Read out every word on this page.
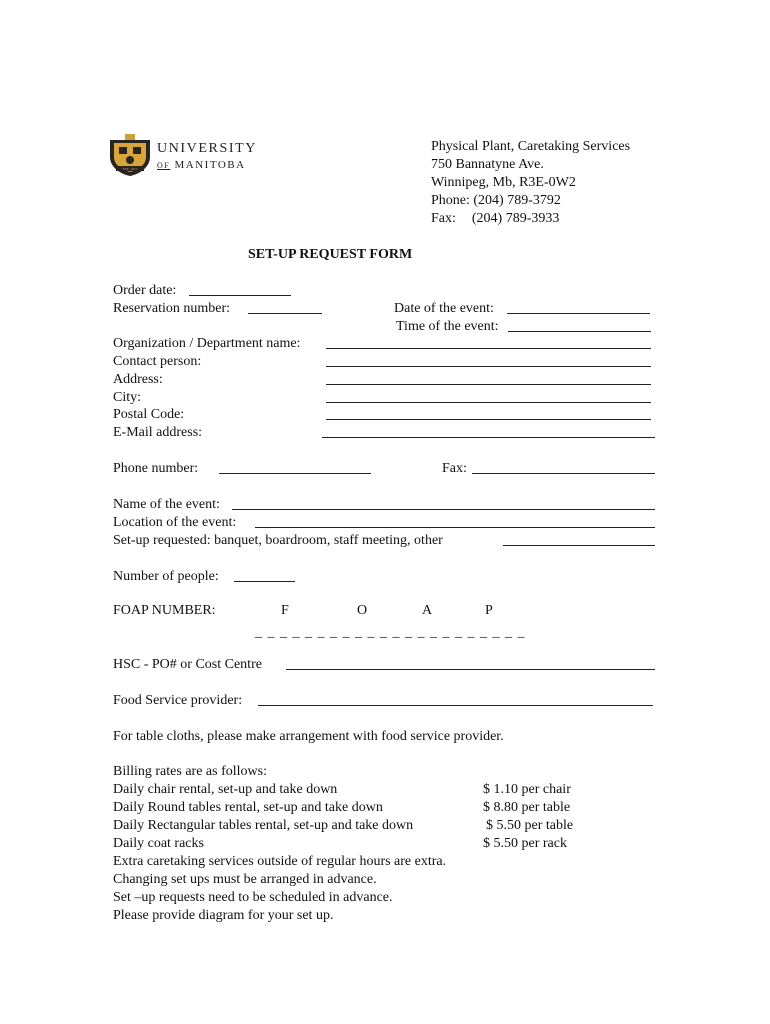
EST. 1877
UNIVERSITY
OF MANITOBA
Physical Plant, Caretaking Services
750 Bannatyne Ave.
Winnipeg, Mb, R3E-0W2
Phone: (204) 789-3792
Fax: (204) 789-3933
SET-UP REQUEST FORM
Order date:
Reservation number:	Date of the event:
Time of the event:
Organization / Department name:
Contact person:
Address:
City:
Postal Code:
E-Mail address:
Phone number:	Fax:
Name of the event:
Location of the event:
Set-up requested: banquet, boardroom, staff meeting, other
Number of people:
FOAP NUMBER:	F	O	A	P
_ _ _ _ _ _ _ _ _ _ _ _ _ _ _ _ _ _ _ _ _ _
HSC - PO# or Cost Centre
Food Service provider:
For table cloths, please make arrangement with food service provider.
Billing rates are as follows:
Daily chair rental, set-up and take down	$ 1.10 per chair
Daily Round tables rental, set-up and take down	$ 8.80 per table
Daily Rectangular tables rental, set-up and take down	$ 5.50 per table
Daily coat racks	$ 5.50 per rack
Extra caretaking services outside of regular hours are extra.
Changing set ups must be arranged in advance.
Set –up requests need to be scheduled in advance.
Please provide diagram for your set up.
